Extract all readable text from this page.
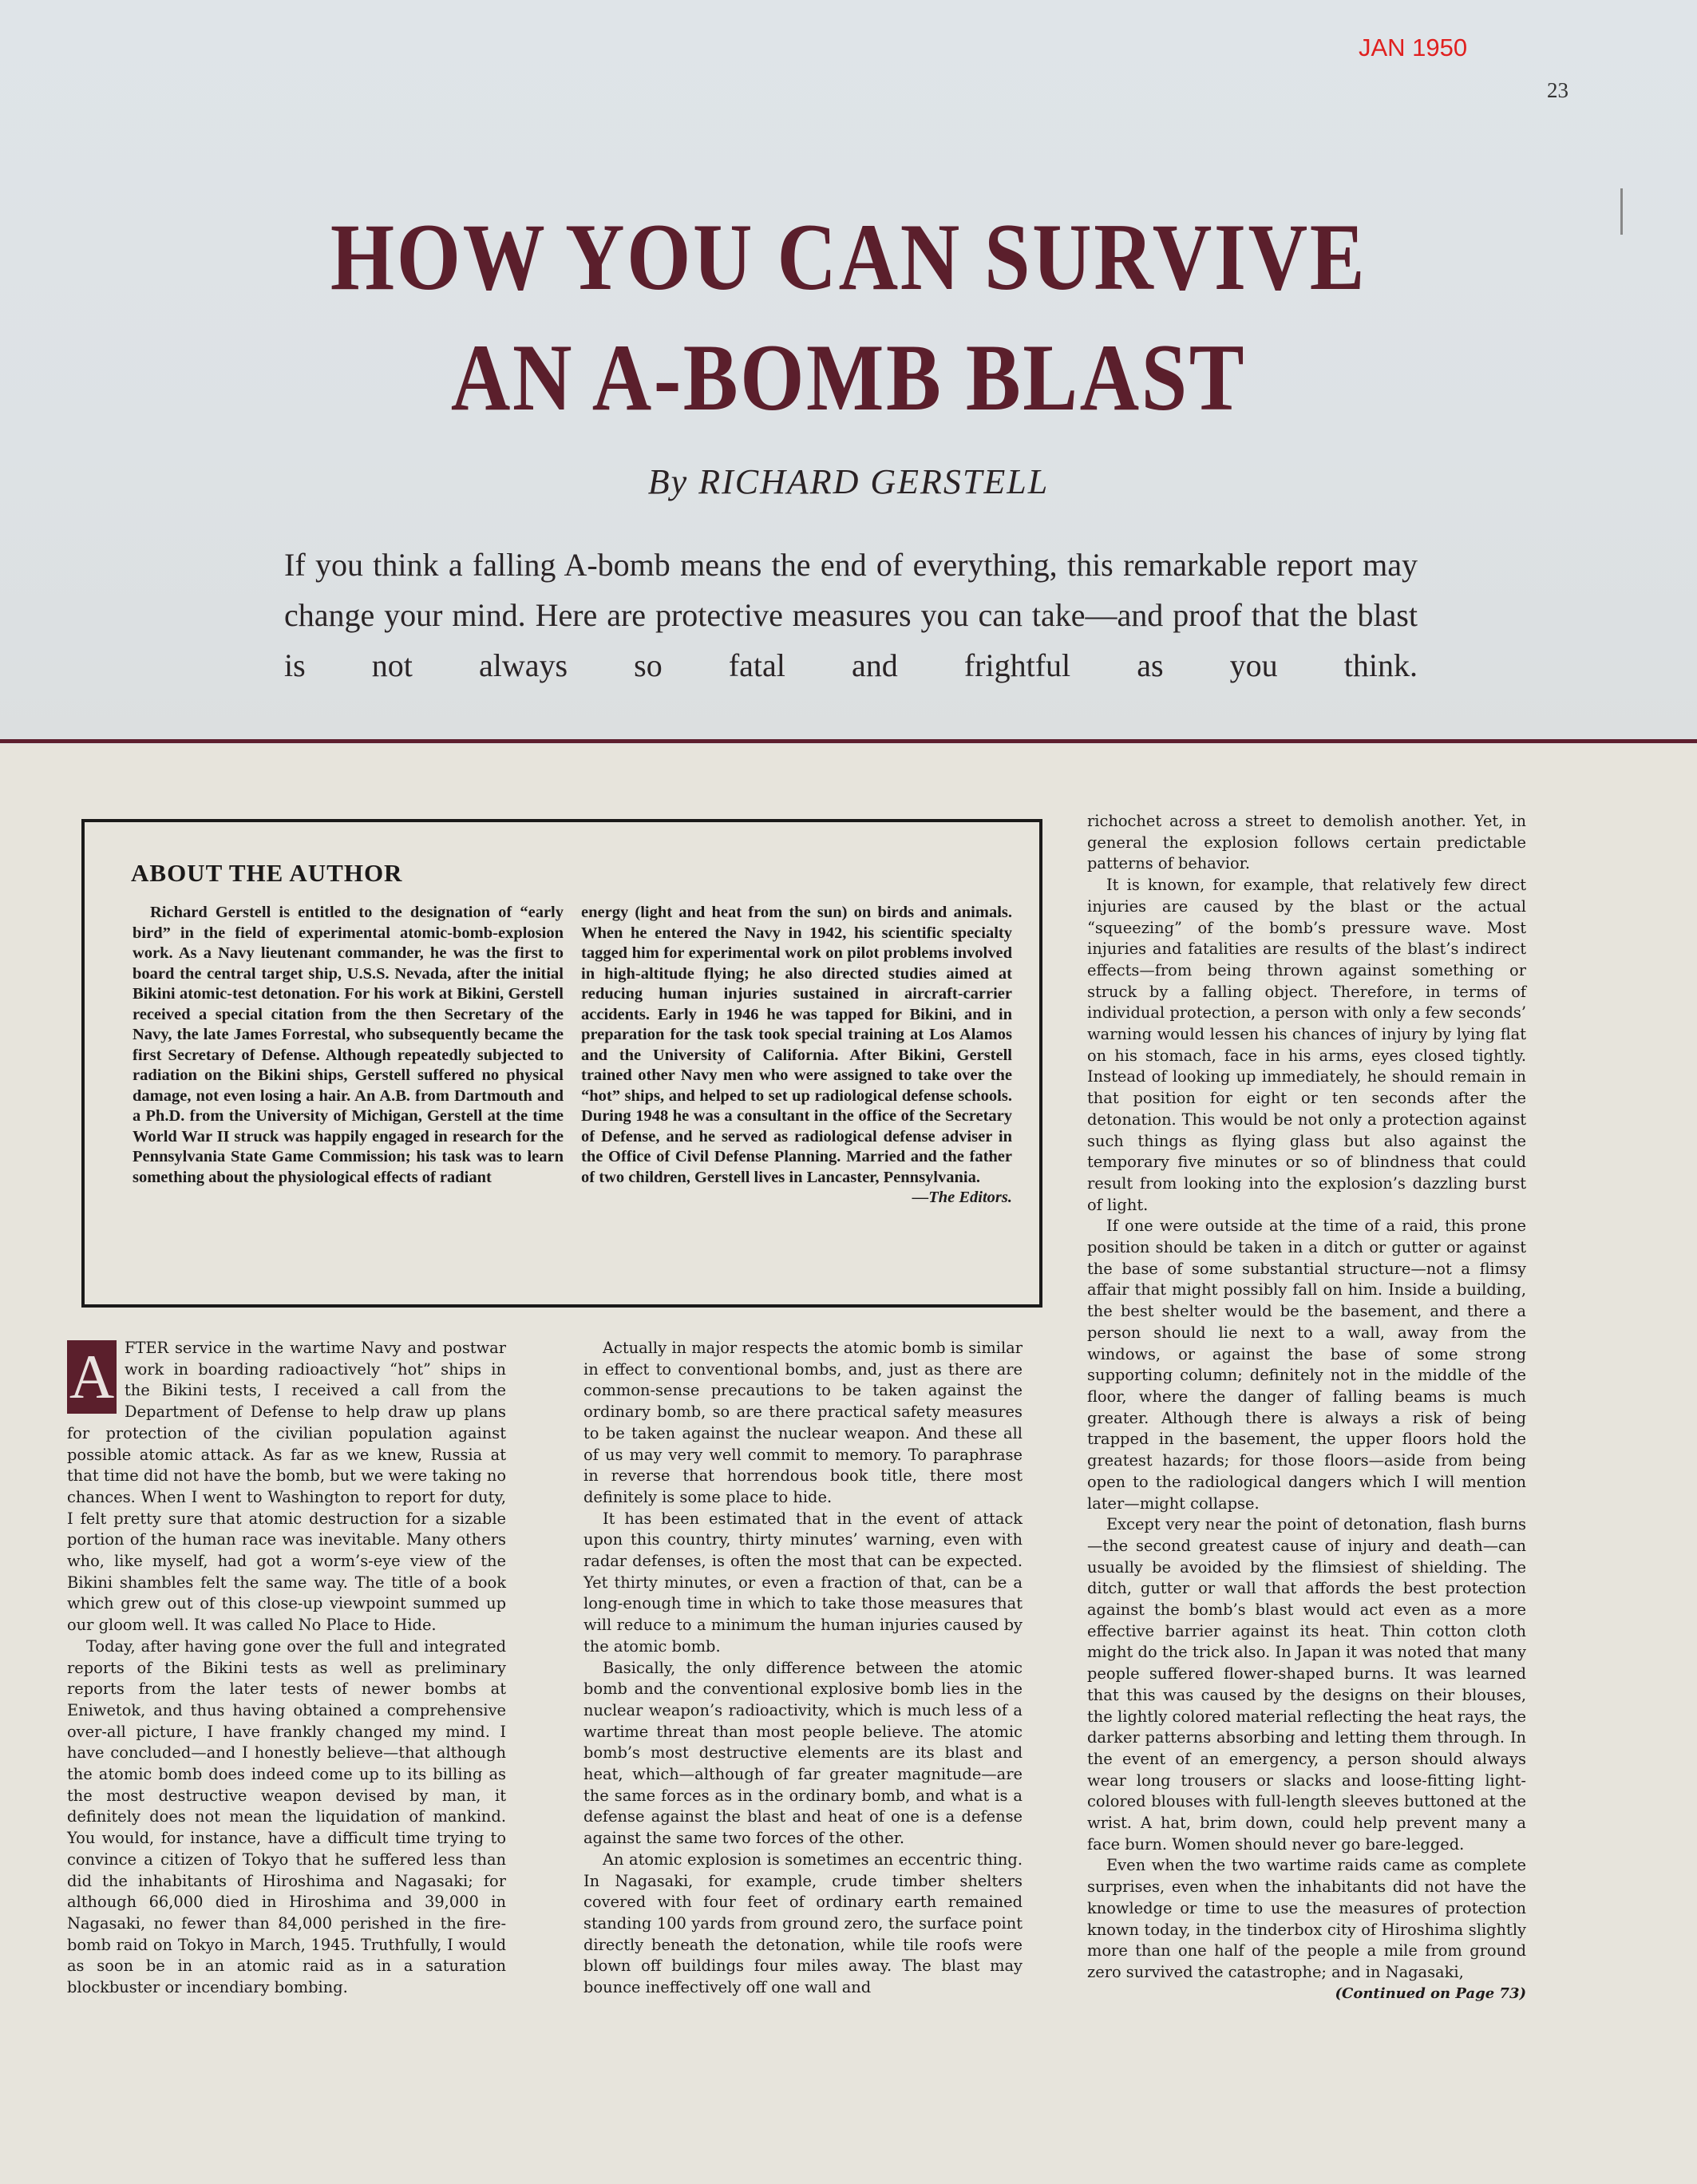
JAN 1950
23
HOW YOU CAN SURVIVE
AN A-BOMB BLAST
By RICHARD GERSTELL
If you think a falling A-bomb means the end of everything, this remarkable report may change your mind. Here are protective measures you can take—and proof that the blast is not always so fatal and frightful as you think.
ABOUT THE AUTHOR
Richard Gerstell is entitled to the designation of “early bird” in the field of experimental atomic-bomb-explosion work. As a Navy lieutenant commander, he was the first to board the central target ship, U.S.S. Nevada, after the initial Bikini atomic-test detonation. For his work at Bikini, Gerstell received a special citation from the then Secretary of the Navy, the late James Forrestal, who subsequently became the first Secretary of Defense. Although repeatedly subjected to radiation on the Bikini ships, Gerstell suffered no physical damage, not even losing a hair. An A.B. from Dartmouth and a Ph.D. from the University of Michigan, Gerstell at the time World War II struck was happily engaged in research for the Pennsylvania State Game Commission; his task was to learn something about the physiological effects of radiant
energy (light and heat from the sun) on birds and animals. When he entered the Navy in 1942, his scientific specialty tagged him for experimental work on pilot problems involved in high-altitude flying; he also directed studies aimed at reducing human injuries sustained in aircraft-carrier accidents. Early in 1946 he was tapped for Bikini, and in preparation for the task took special training at Los Alamos and the University of California. After Bikini, Gerstell trained other Navy men who were assigned to take over the “hot” ships, and helped to set up radiological defense schools. During 1948 he was a consultant in the office of the Secretary of Defense, and he served as radiological defense adviser in the Office of Civil Defense Planning. Married and the father of two children, Gerstell lives in Lancaster, Pennsylvania.
—The Editors.

A FTER service in the wartime Navy and postwar work in boarding radioactively “hot” ships in the Bikini tests, I received a call from the Department of Defense to help draw up plans for protection of the civilian population against possible atomic attack. As far as we knew, Russia at that time did not have the bomb, but we were taking no chances. When I went to Washington to report for duty, I felt pretty sure that atomic destruction for a sizable portion of the human race was inevitable. Many others who, like myself, had got a worm’s-eye view of the Bikini shambles felt the same way. The title of a book which grew out of this close-up viewpoint summed up our gloom well. It was called No Place to Hide.

Today, after having gone over the full and integrated reports of the Bikini tests as well as preliminary reports from the later tests of newer bombs at Eniwetok, and thus having obtained a comprehensive over-all picture, I have frankly changed my mind. I have concluded—and I honestly believe—that although the atomic bomb does indeed come up to its billing as the most destructive weapon devised by man, it definitely does not mean the liquidation of mankind. You would, for instance, have a difficult time trying to convince a citizen of Tokyo that he suffered less than did the inhabitants of Hiroshima and Nagasaki; for although 66,000 died in Hiroshima and 39,000 in Nagasaki, no fewer than 84,000 perished in the fire-bomb raid on Tokyo in March, 1945. Truthfully, I would as soon be in an atomic raid as in a saturation blockbuster or incendiary bombing.

Actually in major respects the atomic bomb is similar in effect to conventional bombs, and, just as there are common-sense precautions to be taken against the ordinary bomb, so are there practical safety measures to be taken against the nuclear weapon. And these all of us may very well commit to memory. To paraphrase in reverse that horrendous book title, there most definitely is some place to hide.

It has been estimated that in the event of attack upon this country, thirty minutes’ warning, even with radar defenses, is often the most that can be expected. Yet thirty minutes, or even a fraction of that, can be a long-enough time in which to take those measures that will reduce to a minimum the human injuries caused by the atomic bomb.

Basically, the only difference between the atomic bomb and the conventional explosive bomb lies in the nuclear weapon’s radioactivity, which is much less of a wartime threat than most people believe. The atomic bomb’s most destructive elements are its blast and heat, which—although of far greater magnitude—are the same forces as in the ordinary bomb, and what is a defense against the blast and heat of one is a defense against the same two forces of the other.

An atomic explosion is sometimes an eccentric thing. In Nagasaki, for example, crude timber shelters covered with four feet of ordinary earth remained standing 100 yards from ground zero, the surface point directly beneath the detonation, while tile roofs were blown off buildings four miles away. The blast may bounce ineffectively off one wall and

richochet across a street to demolish another. Yet, in general the explosion follows certain predictable patterns of behavior.

It is known, for example, that relatively few direct injuries are caused by the blast or the actual “squeezing” of the bomb’s pressure wave. Most injuries and fatalities are results of the blast’s indirect effects—from being thrown against something or struck by a falling object. Therefore, in terms of individual protection, a person with only a few seconds’ warning would lessen his chances of injury by lying flat on his stomach, face in his arms, eyes closed tightly. Instead of looking up immediately, he should remain in that position for eight or ten seconds after the detonation. This would be not only a protection against such things as flying glass but also against the temporary five minutes or so of blindness that could result from looking into the explosion’s dazzling burst of light.

If one were outside at the time of a raid, this prone position should be taken in a ditch or gutter or against the base of some substantial structure—not a flimsy affair that might possibly fall on him. Inside a building, the best shelter would be the basement, and there a person should lie next to a wall, away from the windows, or against the base of some strong supporting column; definitely not in the middle of the floor, where the danger of falling beams is much greater. Although there is always a risk of being trapped in the basement, the upper floors hold the greatest hazards; for those floors—aside from being open to the radiological dangers which I will mention later—might collapse.

Except very near the point of detonation, flash burns—the second greatest cause of injury and death—can usually be avoided by the flimsiest of shielding. The ditch, gutter or wall that affords the best protection against the bomb’s blast would act even as a more effective barrier against its heat. Thin cotton cloth might do the trick also. In Japan it was noted that many people suffered flower-shaped burns. It was learned that this was caused by the designs on their blouses, the lightly colored material reflecting the heat rays, the darker patterns absorbing and letting them through. In the event of an emergency, a person should always wear long trousers or slacks and loose-fitting light-colored blouses with full-length sleeves buttoned at the wrist. A hat, brim down, could help prevent many a face burn. Women should never go bare-legged.

Even when the two wartime raids came as complete surprises, even when the inhabitants did not have the knowledge or time to use the measures of protection known today, in the tinderbox city of Hiroshima slightly more than one half of the people a mile from ground zero survived the catastrophe; and in Nagasaki,
(Continued on Page 73)
